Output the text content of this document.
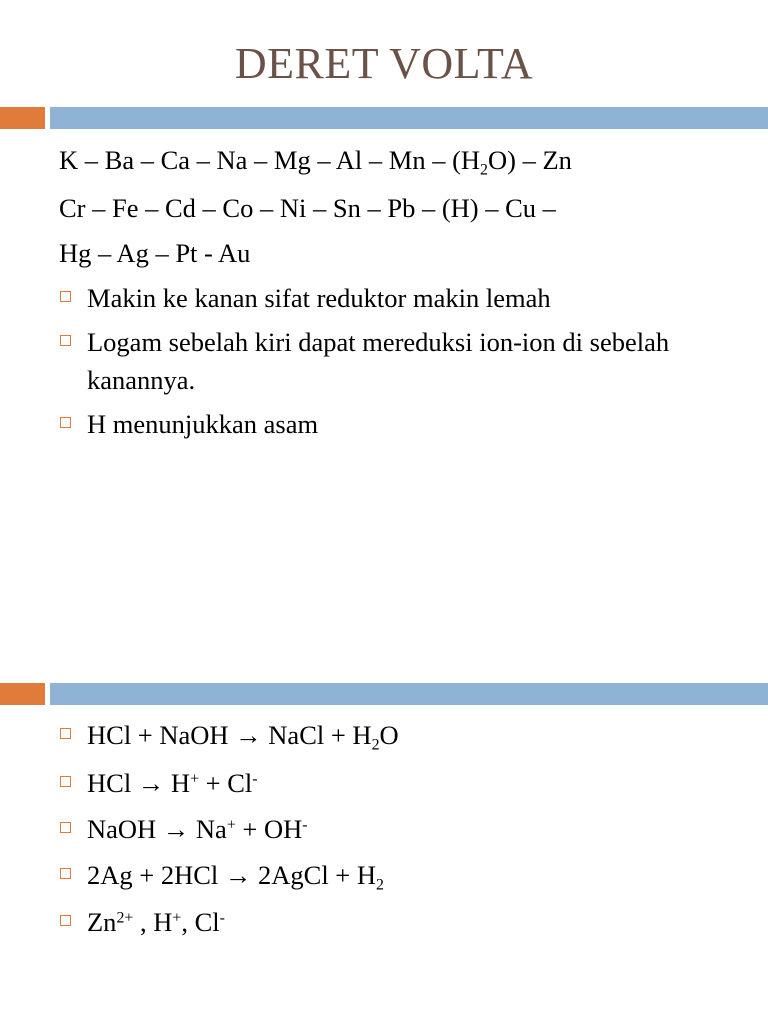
DERET VOLTA
K – Ba – Ca – Na – Mg – Al – Mn – $(H_2O)$ – Zn
Cr – Fe – Cd – Co – Ni – Sn – Pb – (H) – Cu –
Hg – Ag – Pt - Au
Makin ke kanan sifat reduktor makin lemah
Logam sebelah kiri dapat mereduksi ion-ion di sebelah kanannya.
H menunjukkan asam
HCl + NaOH → NaCl + $H_2O$
HCl → H+ + Cl-
NaOH → Na+ + OH-
2Ag + 2HCl → 2AgCl + $H_2$
$Zn^{2+}$ , H+, Cl-
